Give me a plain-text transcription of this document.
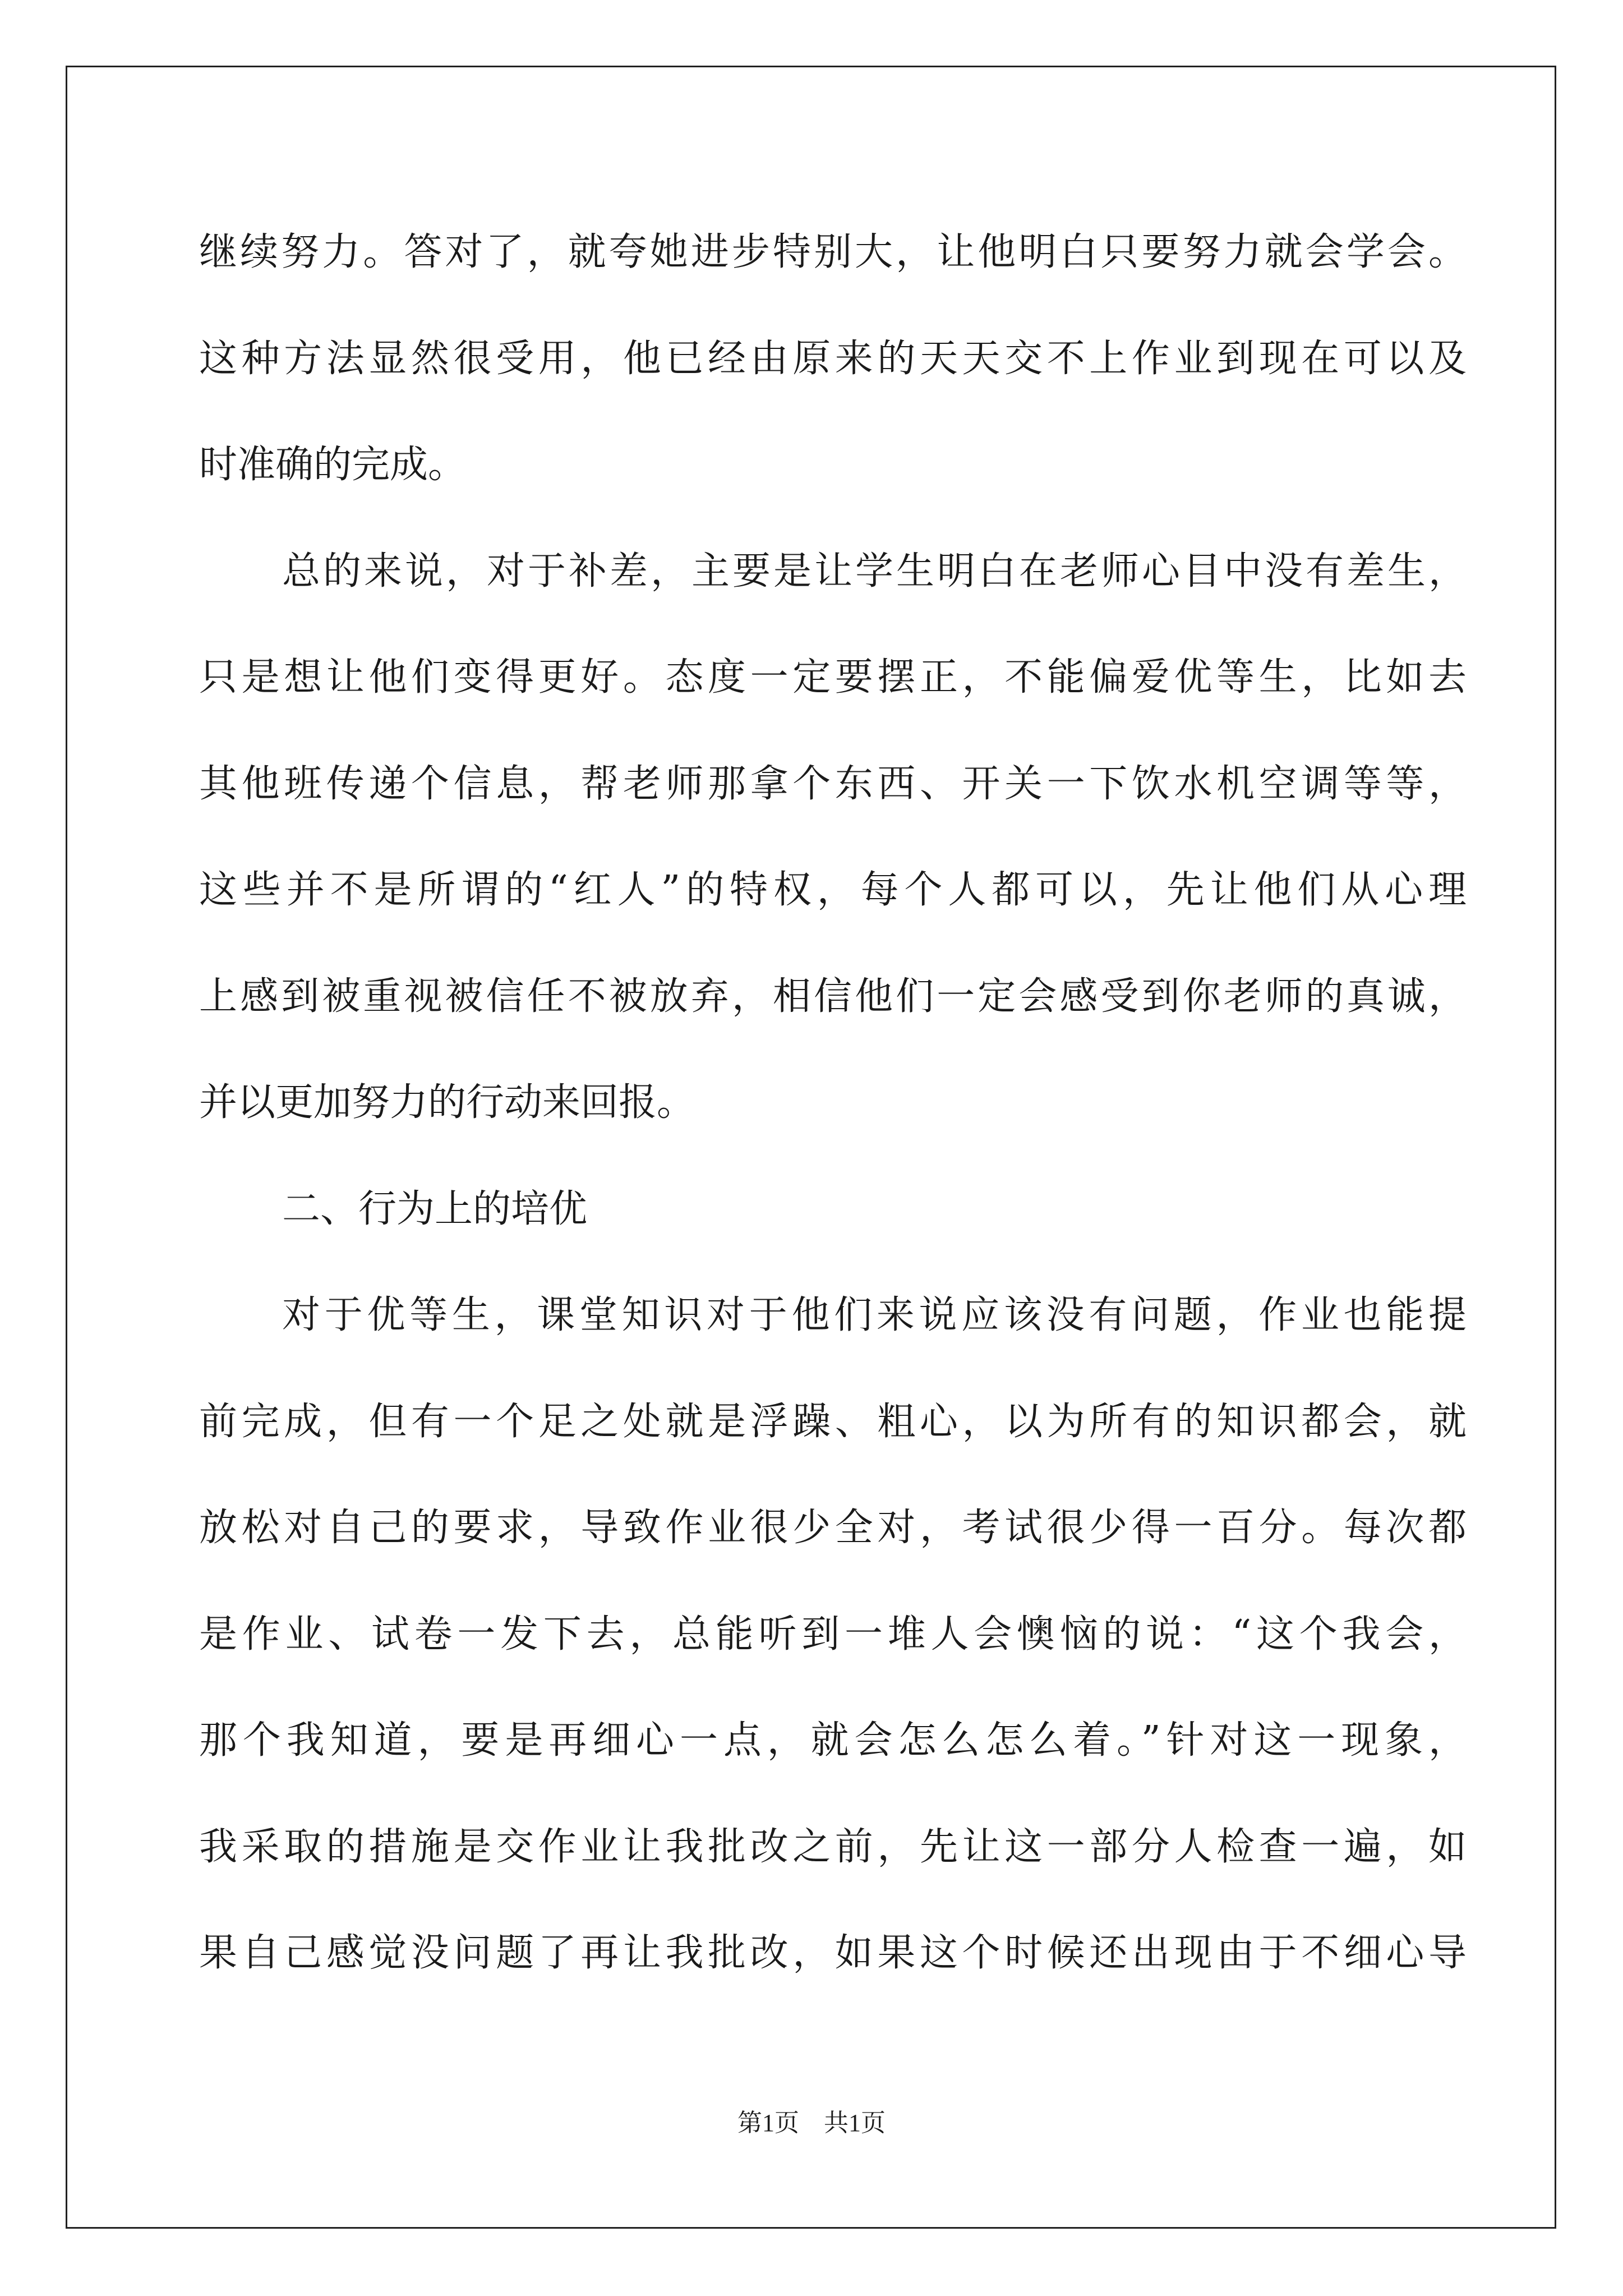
继续努力。答对了，就夸她进步特别大，让他明白只要努力就会学会。
这种方法显然很受用，他已经由原来的天天交不上作业到现在可以及
时准确的完成。
总的来说，对于补差，主要是让学生明白在老师心目中没有差生，
只是想让他们变得更好。态度一定要摆正，不能偏爱优等生，比如去
其他班传递个信息，帮老师那拿个东西、开关一下饮水机空调等等，
这些并不是所谓的“红人”的特权，每个人都可以，先让他们从心理
上感到被重视被信任不被放弃，相信他们一定会感受到你老师的真诚，
并以更加努力的行动来回报。
二、行为上的培优
对于优等生，课堂知识对于他们来说应该没有问题，作业也能提
前完成，但有一个足之处就是浮躁、粗心，以为所有的知识都会，就
放松对自己的要求，导致作业很少全对，考试很少得一百分。每次都
是作业、试卷一发下去，总能听到一堆人会懊恼的说：“这个我会，
那个我知道，要是再细心一点，就会怎么怎么着。”针对这一现象，
我采取的措施是交作业让我批改之前，先让这一部分人检查一遍，如
果自己感觉没问题了再让我批改，如果这个时候还出现由于不细心导
第1页 共1页
